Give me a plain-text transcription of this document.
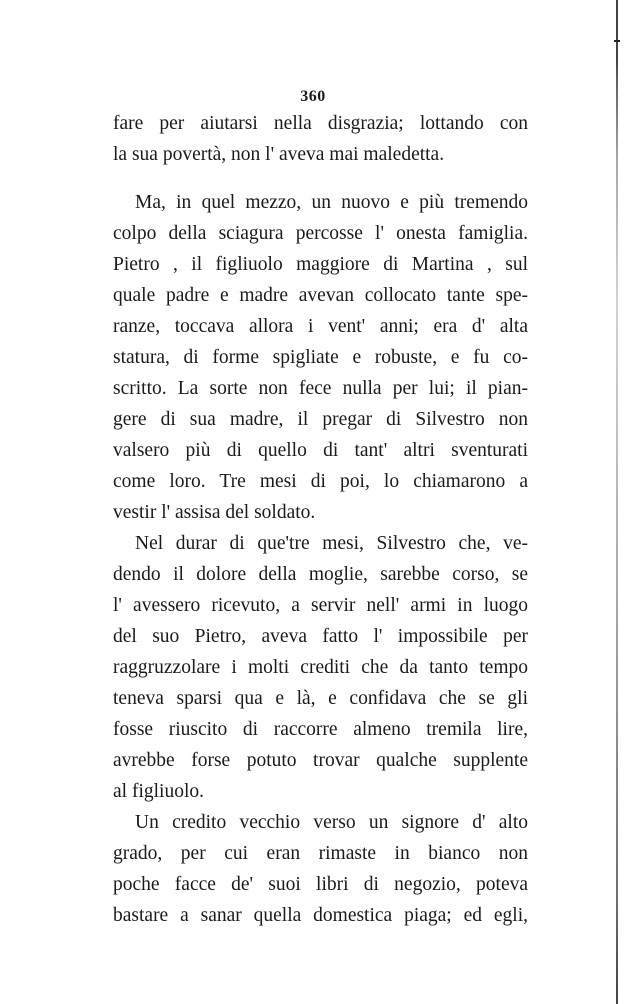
360
fare per aiutarsi nella disgrazia; lottando con
la sua povertà, non l' aveva mai maledetta.
Ma, in quel mezzo, un nuovo e più tremendo
colpo della sciagura percosse l' onesta famiglia.
Pietro , il figliuolo maggiore di Martina , sul
quale padre e madre avevan collocato tante spe-
ranze, toccava allora i vent' anni; era d' alta
statura, di forme spigliate e robuste, e fu co-
scritto. La sorte non fece nulla per lui; il pian-
gere di sua madre, il pregar di Silvestro non
valsero più di quello di tant' altri sventurati
come loro. Tre mesi di poi, lo chiamarono a
vestir l' assisa del soldato.
Nel durar di que'tre mesi, Silvestro che, ve-
dendo il dolore della moglie, sarebbe corso, se
l' avessero ricevuto, a servir nell' armi in luogo
del suo Pietro, aveva fatto l' impossibile per
raggruzzolare i molti crediti che da tanto tempo
teneva sparsi qua e là, e confidava che se gli
fosse riuscito di raccorre almeno tremila lire,
avrebbe forse potuto trovar qualche supplente
al figliuolo.
Un credito vecchio verso un signore d' alto
grado, per cui eran rimaste in bianco non
poche facce de' suoi libri di negozio, poteva
bastare a sanar quella domestica piaga; ed egli,
